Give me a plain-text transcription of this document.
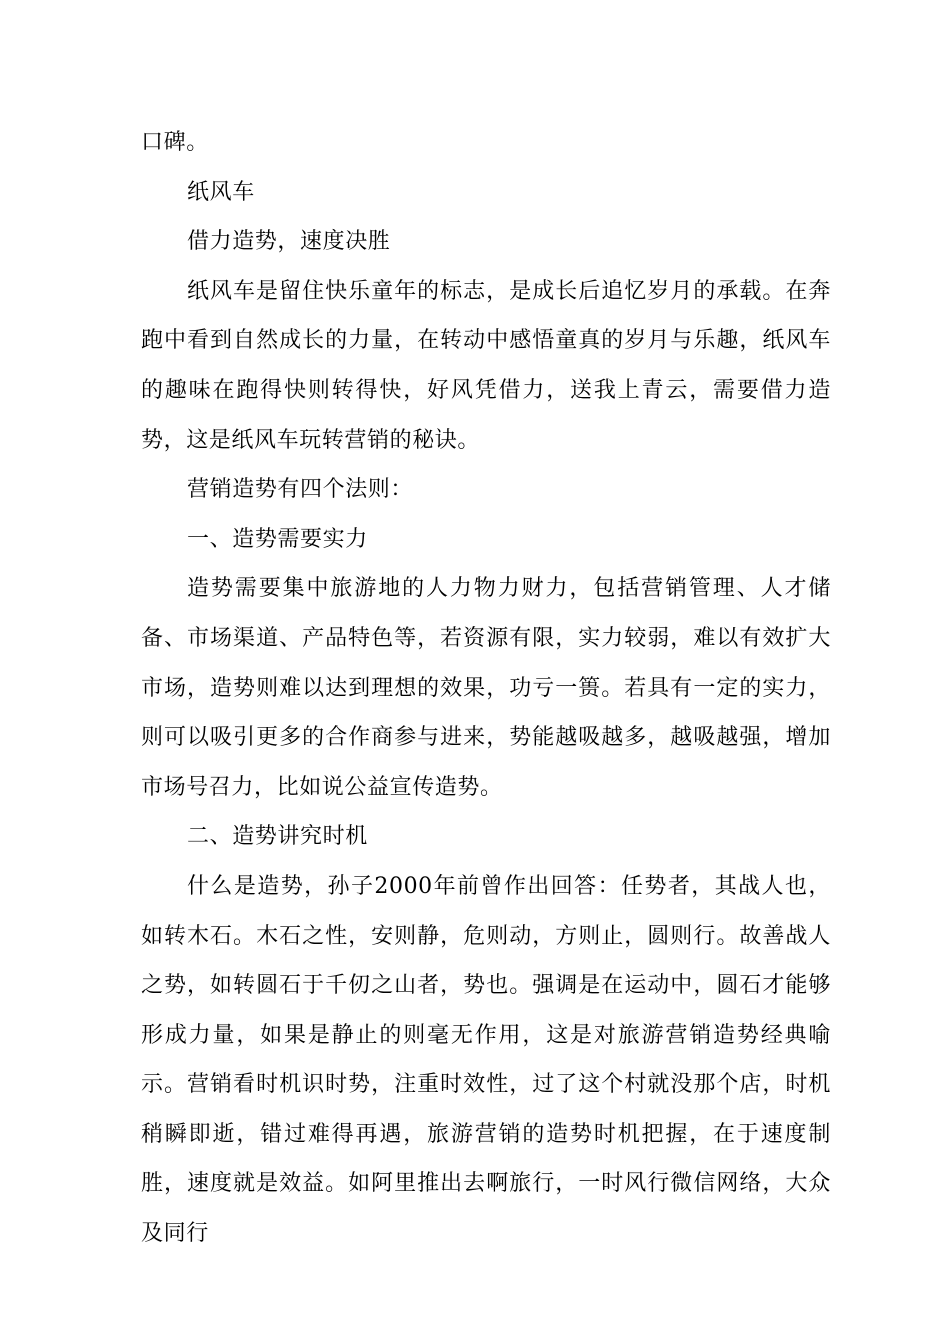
口碑。

纸风车

借力造势，速度决胜

纸风车是留住快乐童年的标志，是成长后追忆岁月的承载。在奔跑中看到自然成长的力量，在转动中感悟童真的岁月与乐趣，纸风车的趣味在跑得快则转得快，好风凭借力，送我上青云，需要借力造势，这是纸风车玩转营销的秘诀。

营销造势有四个法则：

一、造势需要实力

造势需要集中旅游地的人力物力财力，包括营销管理、人才储备、市场渠道、产品特色等，若资源有限，实力较弱，难以有效扩大市场，造势则难以达到理想的效果，功亏一篑。若具有一定的实力，则可以吸引更多的合作商参与进来，势能越吸越多，越吸越强，增加市场号召力，比如说公益宣传造势。

二、造势讲究时机

什么是造势，孙子2000年前曾作出回答：任势者，其战人也，如转木石。木石之性，安则静，危则动，方则止，圆则行。故善战人之势，如转圆石于千仞之山者，势也。强调是在运动中，圆石才能够形成力量，如果是静止的则毫无作用，这是对旅游营销造势经典喻示。营销看时机识时势，注重时效性，过了这个村就没那个店，时机稍瞬即逝，错过难得再遇，旅游营销的造势时机把握，在于速度制胜，速度就是效益。如阿里推出去啊旅行，一时风行微信网络，大众及同行
